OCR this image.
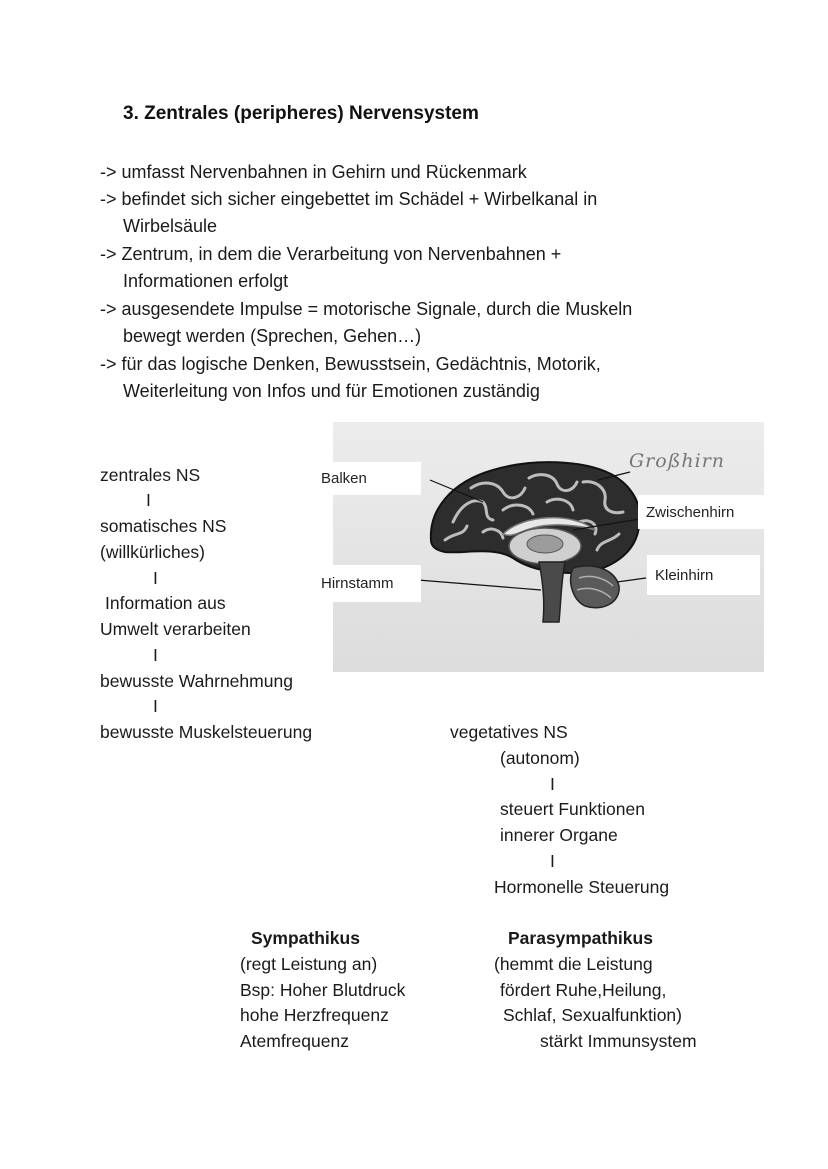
3. Zentrales (peripheres) Nervensystem
-> umfasst Nervenbahnen in Gehirn und Rückenmark
-> befindet sich sicher eingebettet im Schädel + Wirbelkanal in
Wirbelsäule
-> Zentrum, in dem die Verarbeitung von Nervenbahnen +
Informationen erfolgt
-> ausgesendete Impulse = motorische Signale, durch die Muskeln
bewegt werden (Sprechen, Gehen…)
-> für das logische Denken, Bewusstsein, Gedächtnis, Motorik,
Weiterleitung von Infos und für Emotionen zuständig
zentrales NS
I
somatisches NS
(willkürliches)
I
Information aus
Umwelt verarbeiten
I
bewusste Wahrnehmung
I
bewusste Muskelsteuerung
Balken
Großhirn
Zwischenhirn
Hirnstamm	Kleinhirn
vegetatives NS
(autonom)
I
steuert Funktionen
innerer Organe
I
Hormonelle Steuerung
Sympathikus
(regt Leistung an)
Bsp: Hoher Blutdruck
hohe Herzfrequenz
Atemfrequenz
Parasympathikus
(hemmt die Leistung
fördert Ruhe,Heilung,
Schlaf, Sexualfunktion)
stärkt Immunsystem
